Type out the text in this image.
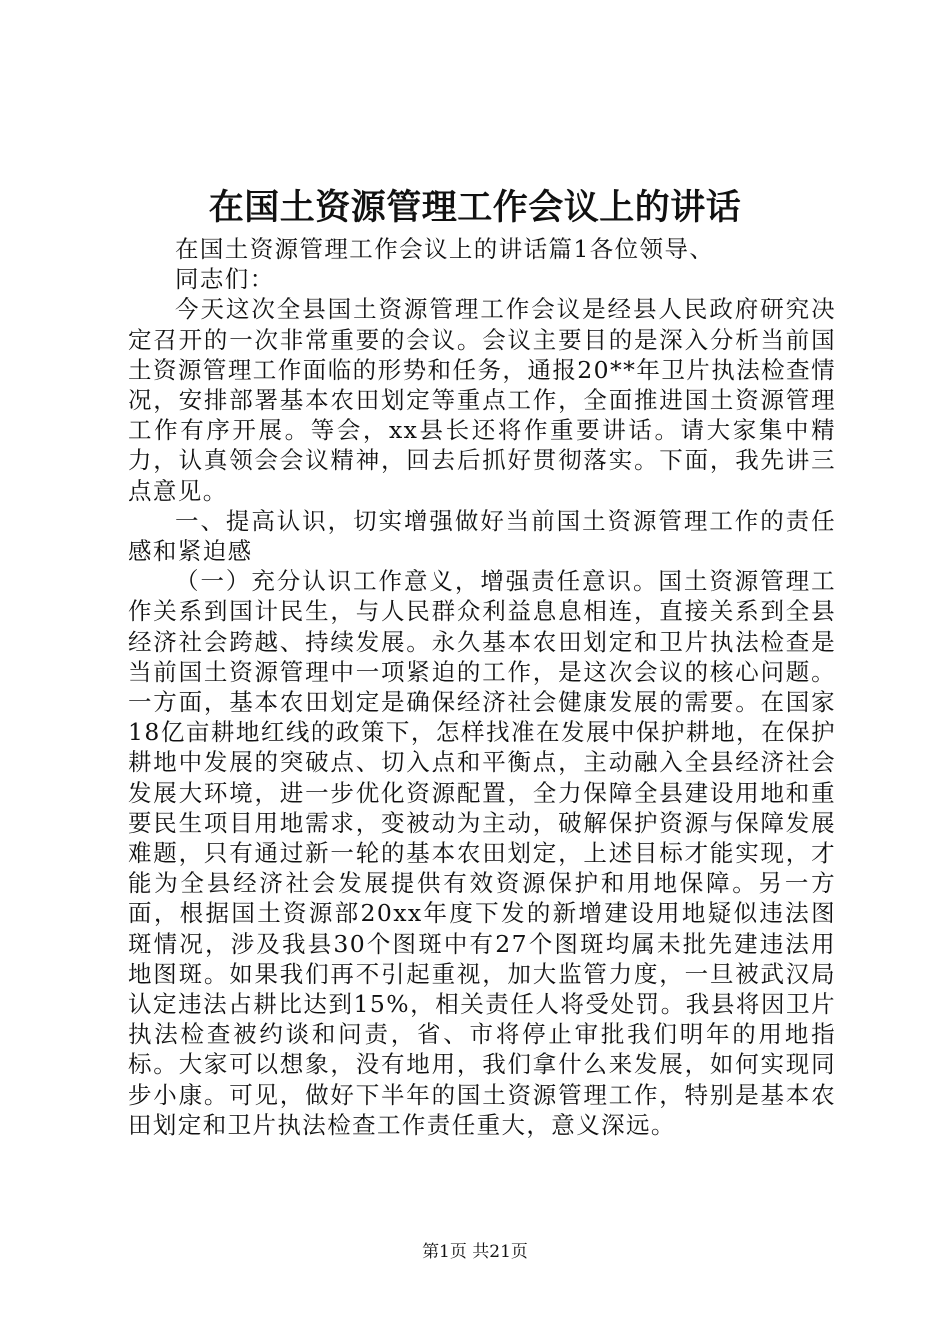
在国土资源管理工作会议上的讲话

在国土资源管理工作会议上的讲话篇1各位领导、

同志们：

今天这次全县国土资源管理工作会议是经县人民政府研究决定召开的一次非常重要的会议。会议主要目的是深入分析当前国土资源管理工作面临的形势和任务，通报20**年卫片执法检查情况，安排部署基本农田划定等重点工作，全面推进国土资源管理工作有序开展。等会，xx县长还将作重要讲话。请大家集中精力，认真领会会议精神，回去后抓好贯彻落实。下面，我先讲三点意见。

一、提高认识，切实增强做好当前国土资源管理工作的责任感和紧迫感

（一）充分认识工作意义，增强责任意识。国土资源管理工作关系到国计民生，与人民群众利益息息相连，直接关系到全县经济社会跨越、持续发展。永久基本农田划定和卫片执法检查是当前国土资源管理中一项紧迫的工作，是这次会议的核心问题。一方面，基本农田划定是确保经济社会健康发展的需要。在国家18亿亩耕地红线的政策下，怎样找准在发展中保护耕地，在保护耕地中发展的突破点、切入点和平衡点，主动融入全县经济社会发展大环境，进一步优化资源配置，全力保障全县建设用地和重要民生项目用地需求，变被动为主动，破解保护资源与保障发展难题，只有通过新一轮的基本农田划定，上述目标才能实现，才能为全县经济社会发展提供有效资源保护和用地保障。另一方面，根据国土资源部20xx年度下发的新增建设用地疑似违法图斑情况，涉及我县30个图斑中有27个图斑均属未批先建违法用地图斑。如果我们再不引起重视，加大监管力度，一旦被武汉局认定违法占耕比达到15%，相关责任人将受处罚。我县将因卫片执法检查被约谈和问责，省、市将停止审批我们明年的用地指标。大家可以想象，没有地用，我们拿什么来发展，如何实现同步小康。可见，做好下半年的国土资源管理工作，特别是基本农田划定和卫片执法检查工作责任重大，意义深远。

第1页 共21页
